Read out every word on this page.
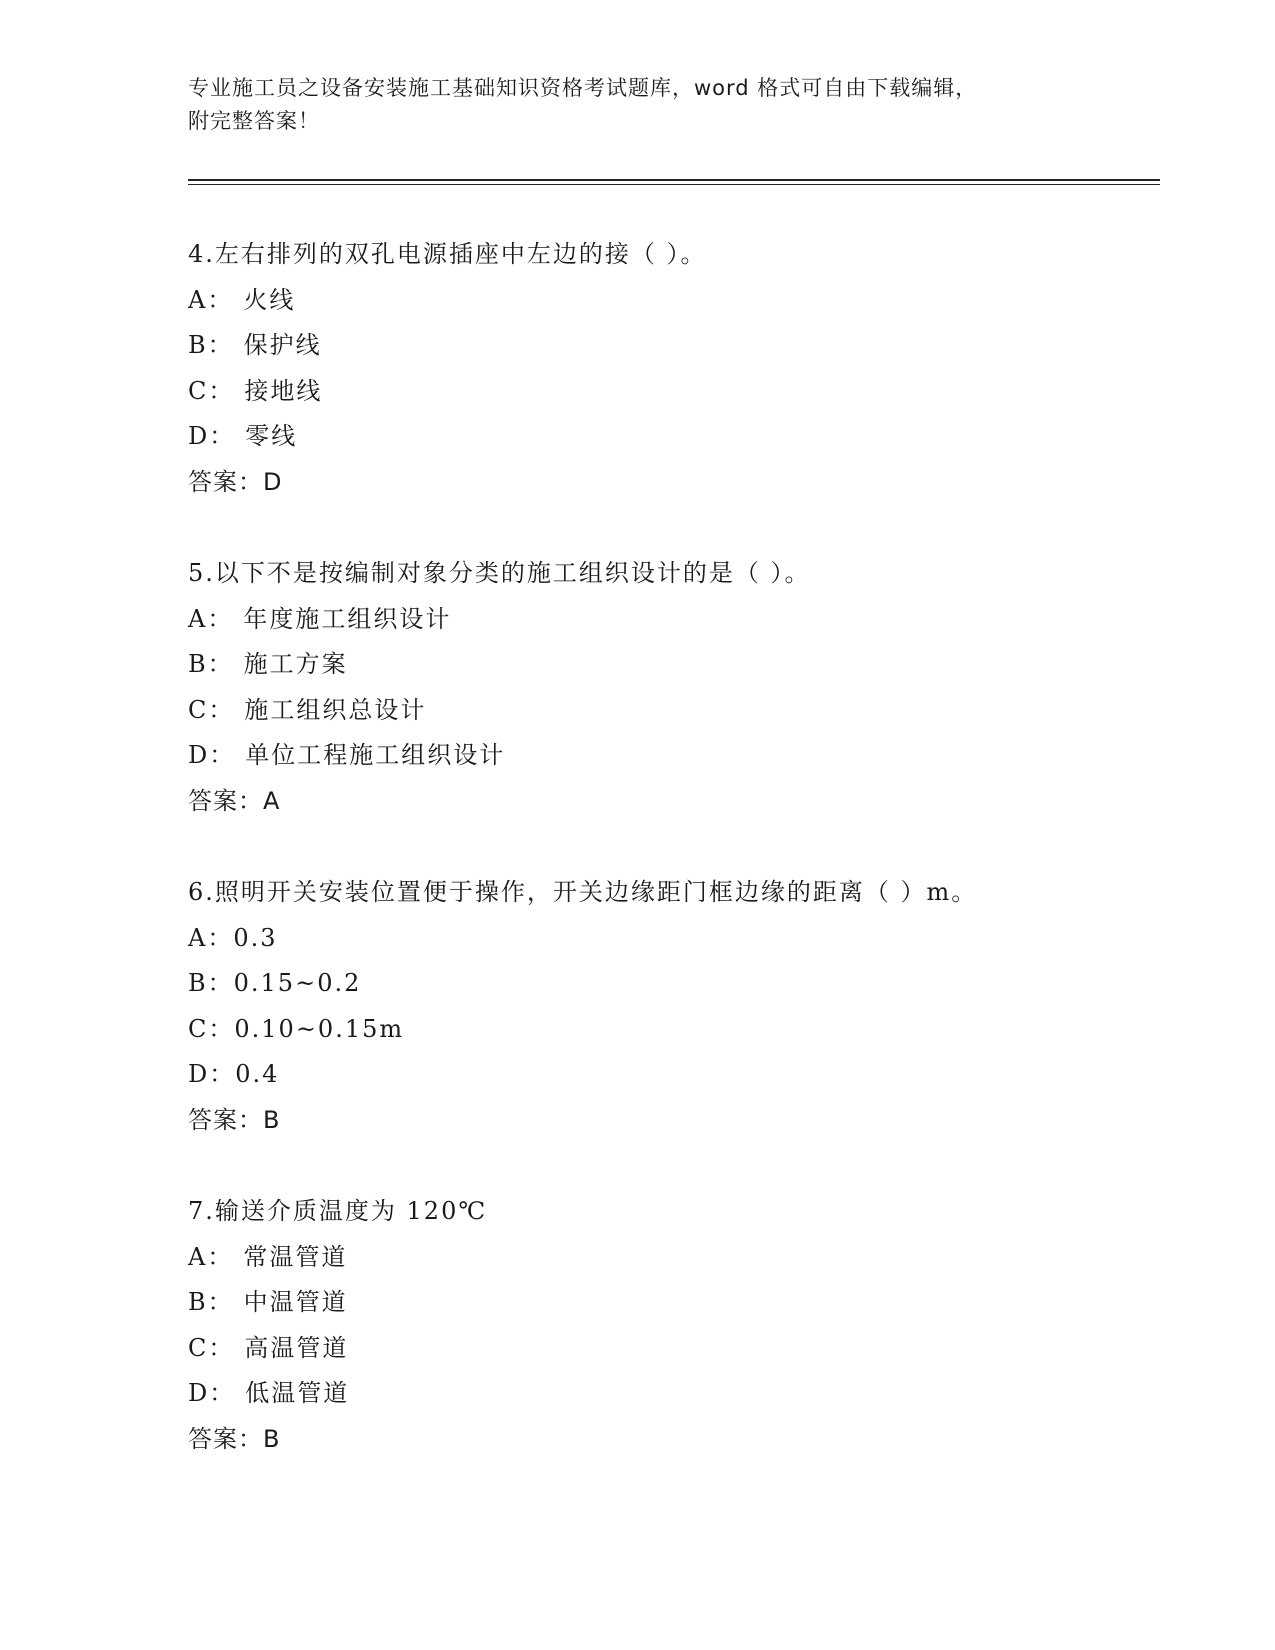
专业施工员之设备安装施工基础知识资格考试题库，word 格式可自由下载编辑，
附完整答案！
4.左右排列的双孔电源插座中左边的接（ ）。
A： 火线
B： 保护线
C： 接地线
D： 零线
答案：D
5.以下不是按编制对象分类的施工组织设计的是（ ）。
A： 年度施工组织设计
B： 施工方案
C： 施工组织总设计
D： 单位工程施工组织设计
答案：A
6.照明开关安装位置便于操作，开关边缘距门框边缘的距离（ ）m。
A：0.3
B：0.15~0.2
C：0.10~0.15m
D：0.4
答案：B
7.输送介质温度为 120℃
A： 常温管道
B： 中温管道
C： 高温管道
D： 低温管道
答案：B
